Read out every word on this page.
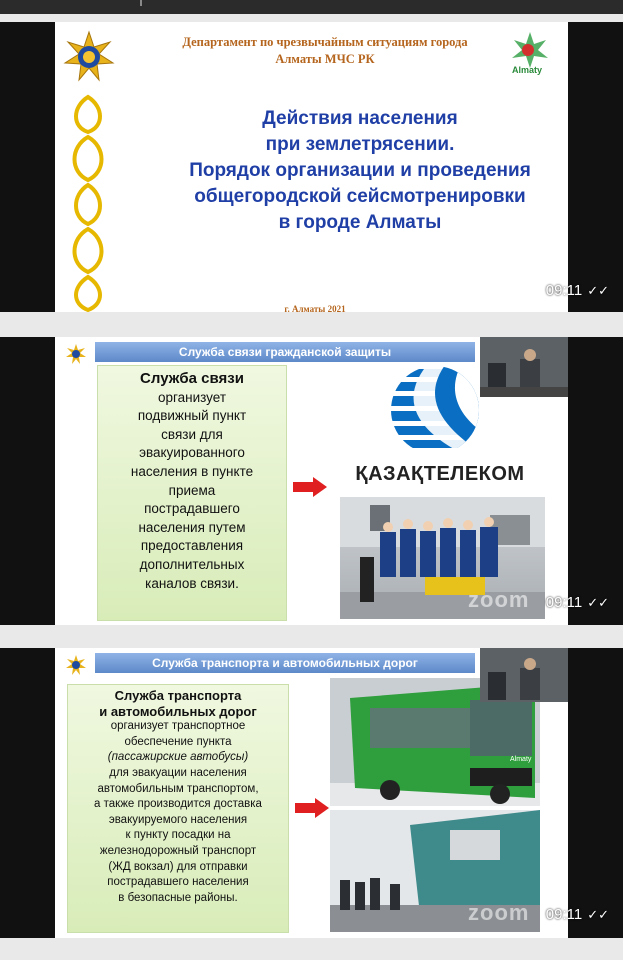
Департамент по чрезвычайным ситуациям города Алматы МЧС РК
Almaty
Действия населения
при землетрясении.
Порядок организации и проведения
общегородской сейсмотренировки
в городе Алматы
г. Алматы 2021
zoom 09:11 ✓✓
Служба связи гражданской защиты
Служба связи
организует
подвижный пункт
связи для
эвакуированного
населения в пункте
приема
пострадавшего
населения путем
предоставления
дополнительных
каналов связи.
ҚАЗАҚТЕЛЕКОМ
zoom 09:11 ✓✓
Служба транспорта и автомобильных дорог
Служба транспорта
и автомобильных дорог
организует транспортное
обеспечение пункта
(пассажирские автобусы)
для эвакуации населения
автомобильным транспортом,
а также производится доставка
эвакуируемого населения
к пункту посадки на
железнодорожный транспорт
(ЖД вокзал) для отправки
пострадавшего населения
в безопасные районы.
Almaty
zoom 09:11 ✓✓
